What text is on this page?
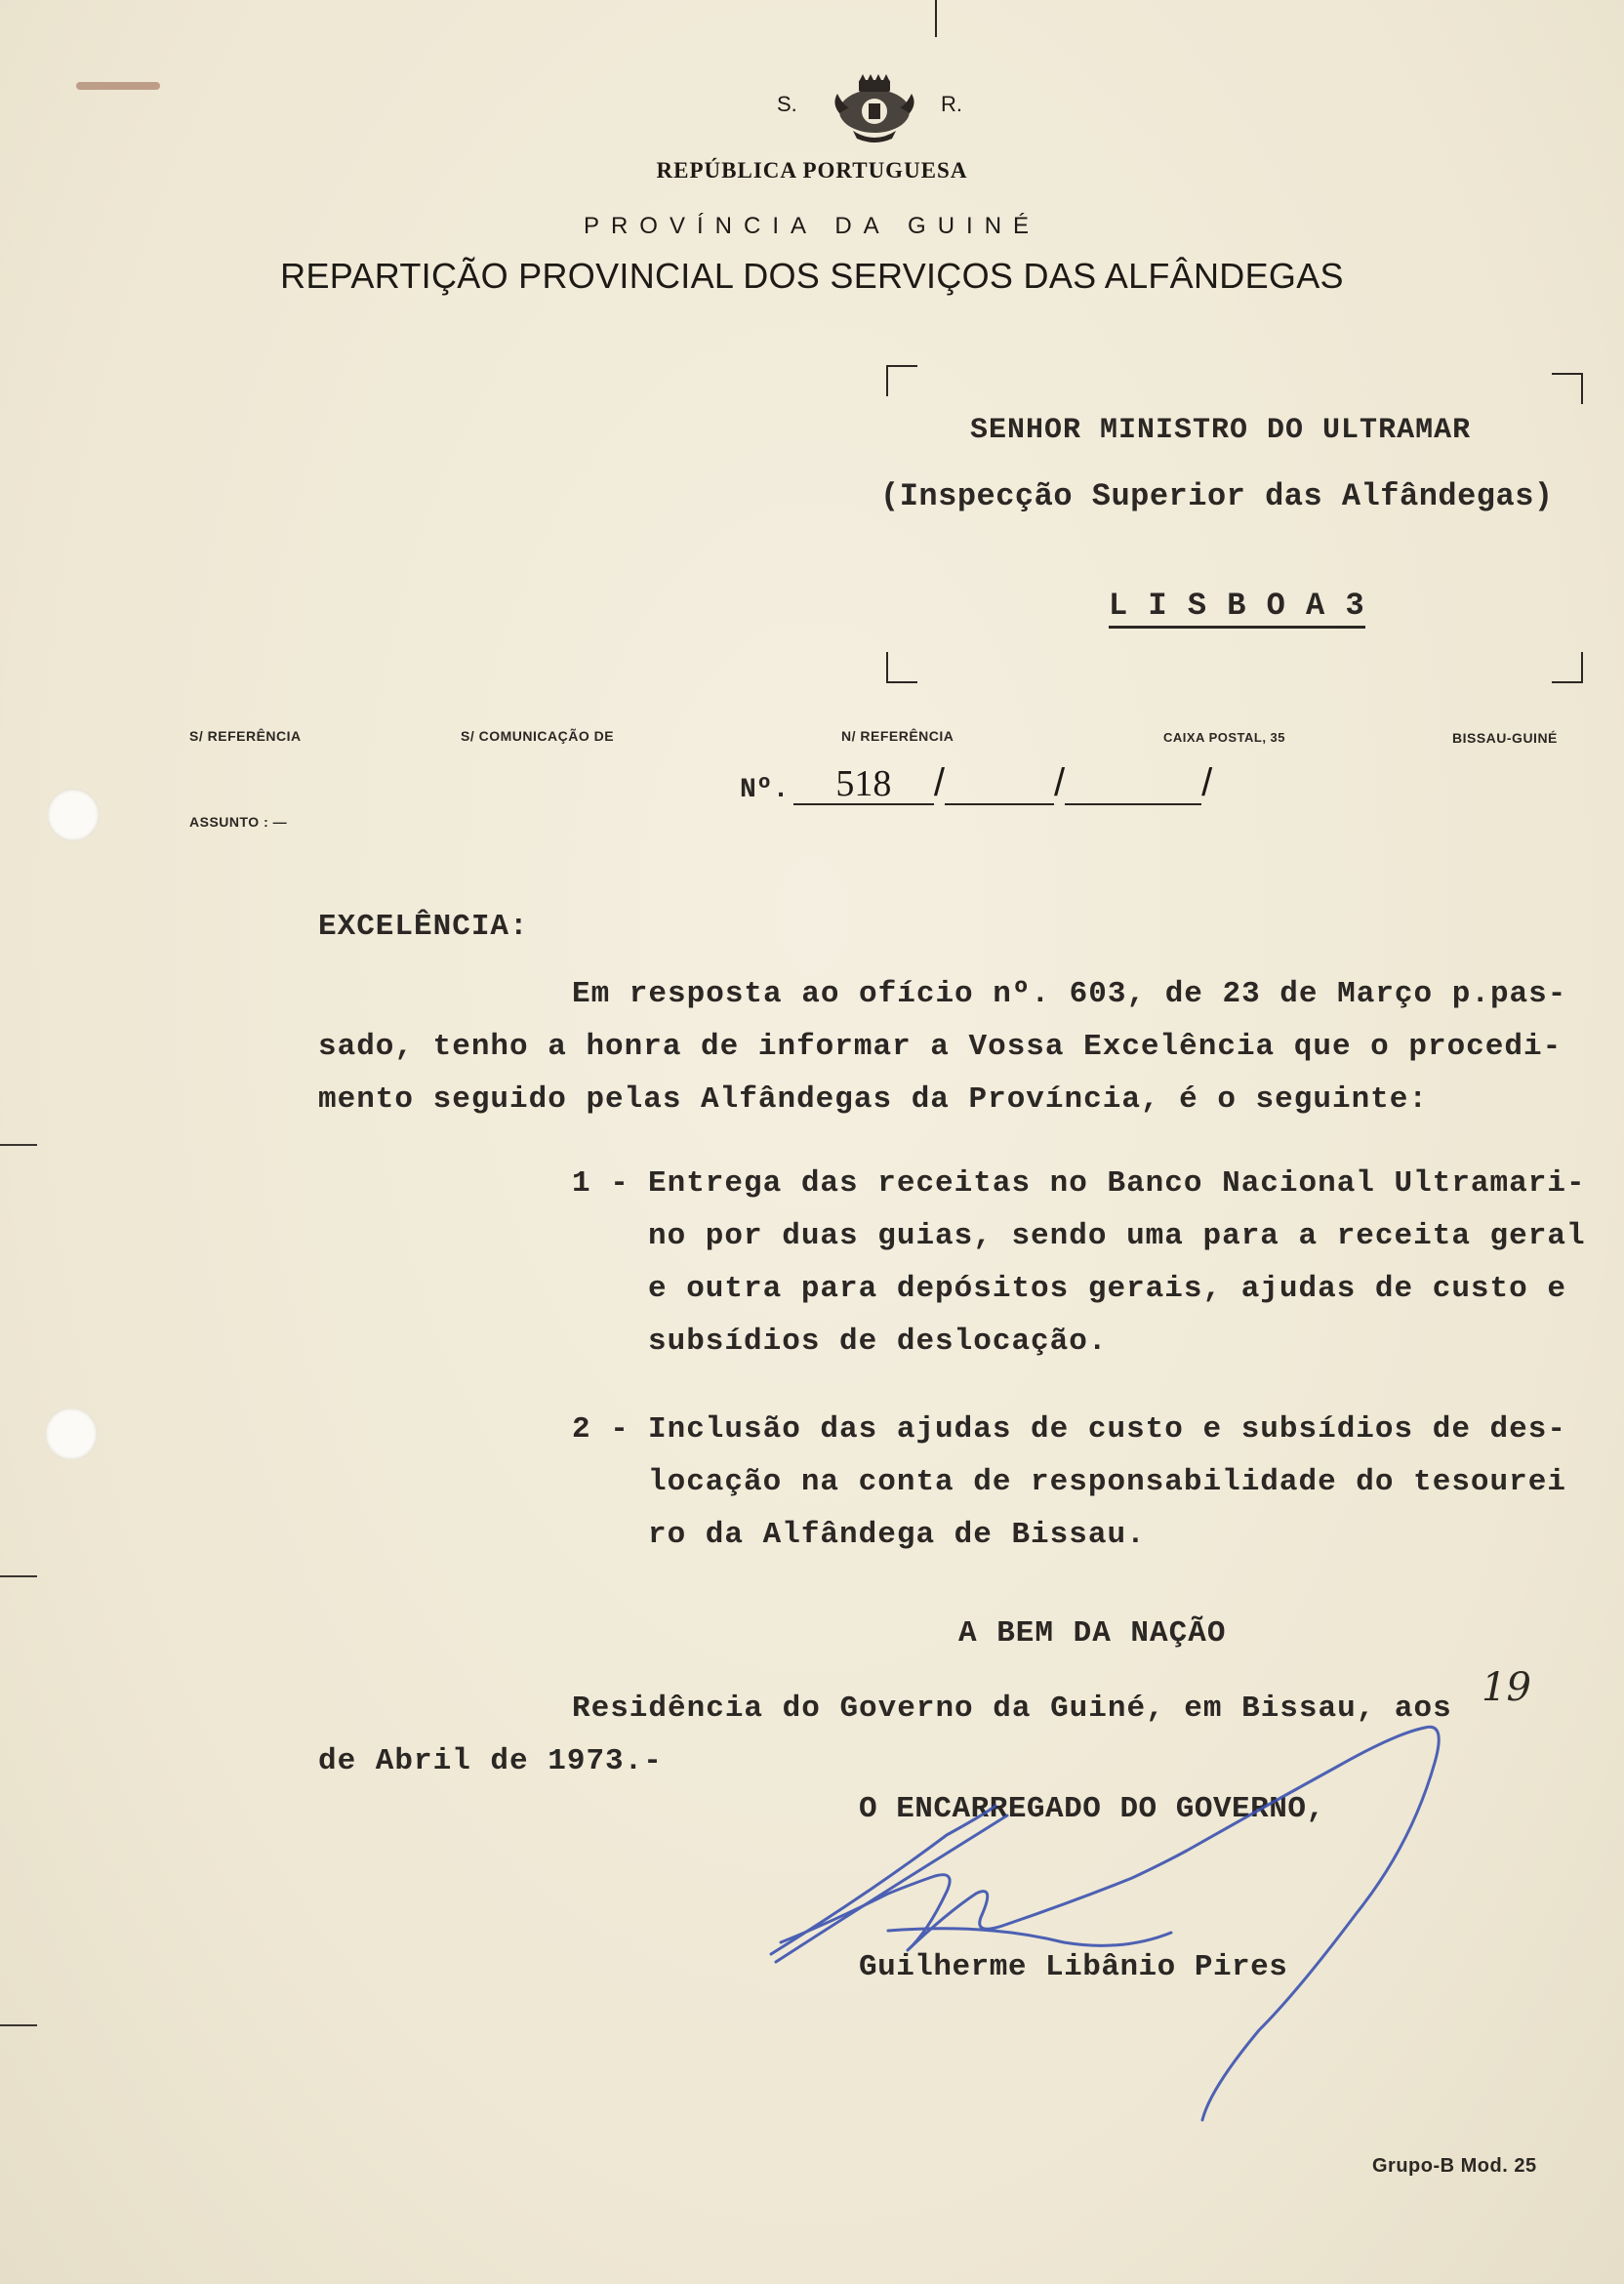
S.	R.
REPÚBLICA PORTUGUESA
PROVÍNCIA DA GUINÉ
REPARTIÇÃO PROVINCIAL DOS SERVIÇOS DAS ALFÂNDEGAS
SENHOR MINISTRO DO ULTRAMAR
(Inspecção Superior das Alfândegas)
L I S B O A 3
S/ REFERÊNCIA	S/ COMUNICAÇÃO DE	N/ REFERÊNCIA	CAIXA POSTAL, 35	BISSAU-GUINÉ
ASSUNTO : —
Nº. 518 /	/	/
EXCELÊNCIA:
Em resposta ao ofício nº. 603, de 23 de Março p.pas-
sado, tenho a honra de informar a Vossa Excelência que o procedi-
mento seguido pelas Alfândegas da Província, é o seguinte:
1 - Entrega das receitas no Banco Nacional Ultramari-
no por duas guias, sendo uma para a receita geral
e outra para depósitos gerais, ajudas de custo e
subsídios de deslocação.
2 - Inclusão das ajudas de custo e subsídios de des-
locação na conta de responsabilidade do tesourei
ro da Alfândega de Bissau.
A BEM DA NAÇÃO
Residência do Governo da Guiné, em Bissau, aos 19
de Abril de 1973.-
O ENCARREGADO DO GOVERNO,
Guilherme Libânio Pires
Grupo-B Mod. 25
